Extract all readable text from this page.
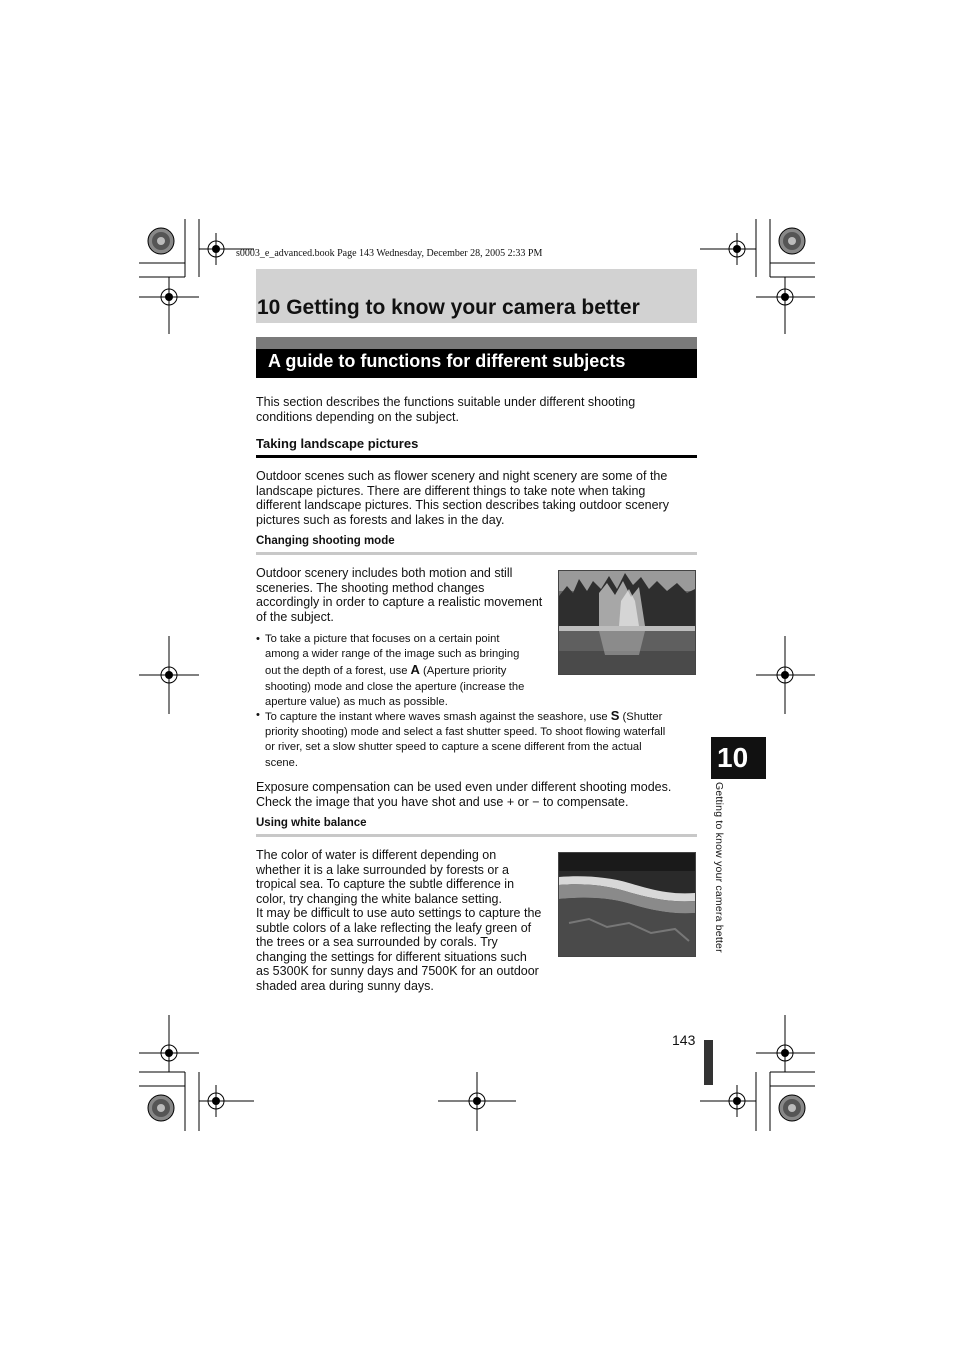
s0003_e_advanced.book Page 143 Wednesday, December 28, 2005 2:33 PM
10 Getting to know your camera better
A guide to functions for different subjects
This section describes the functions suitable under different shooting
conditions depending on the subject.
Taking landscape pictures
Outdoor scenes such as flower scenery and night scenery are some of the
landscape pictures. There are different things to take note when taking
different landscape pictures. This section describes taking outdoor scenery
pictures such as forests and lakes in the day.
Changing shooting mode
Outdoor scenery includes both motion and still
sceneries. The shooting method changes
accordingly in order to capture a realistic movement
of the subject.
• To take a picture that focuses on a certain point
among a wider range of the image such as bringing
out the depth of a forest, use A (Aperture priority
shooting) mode and close the aperture (increase the
aperture value) as much as possible.
• To capture the instant where waves smash against the seashore, use S (Shutter
priority shooting) mode and select a fast shutter speed. To shoot flowing waterfall
or river, set a slow shutter speed to capture a scene different from the actual
scene.
Exposure compensation can be used even under different shooting modes.
Check the image that you have shot and use + or − to compensate.
Using white balance
The color of water is different depending on
whether it is a lake surrounded by forests or a
tropical sea. To capture the subtle difference in
color, try changing the white balance setting.
It may be difficult to use auto settings to capture the
subtle colors of a lake reflecting the leafy green of
the trees or a sea surrounded by corals. Try
changing the settings for different situations such
as 5300K for sunny days and 7500K for an outdoor
shaded area during sunny days.
10
Getting to know your camera better
143
